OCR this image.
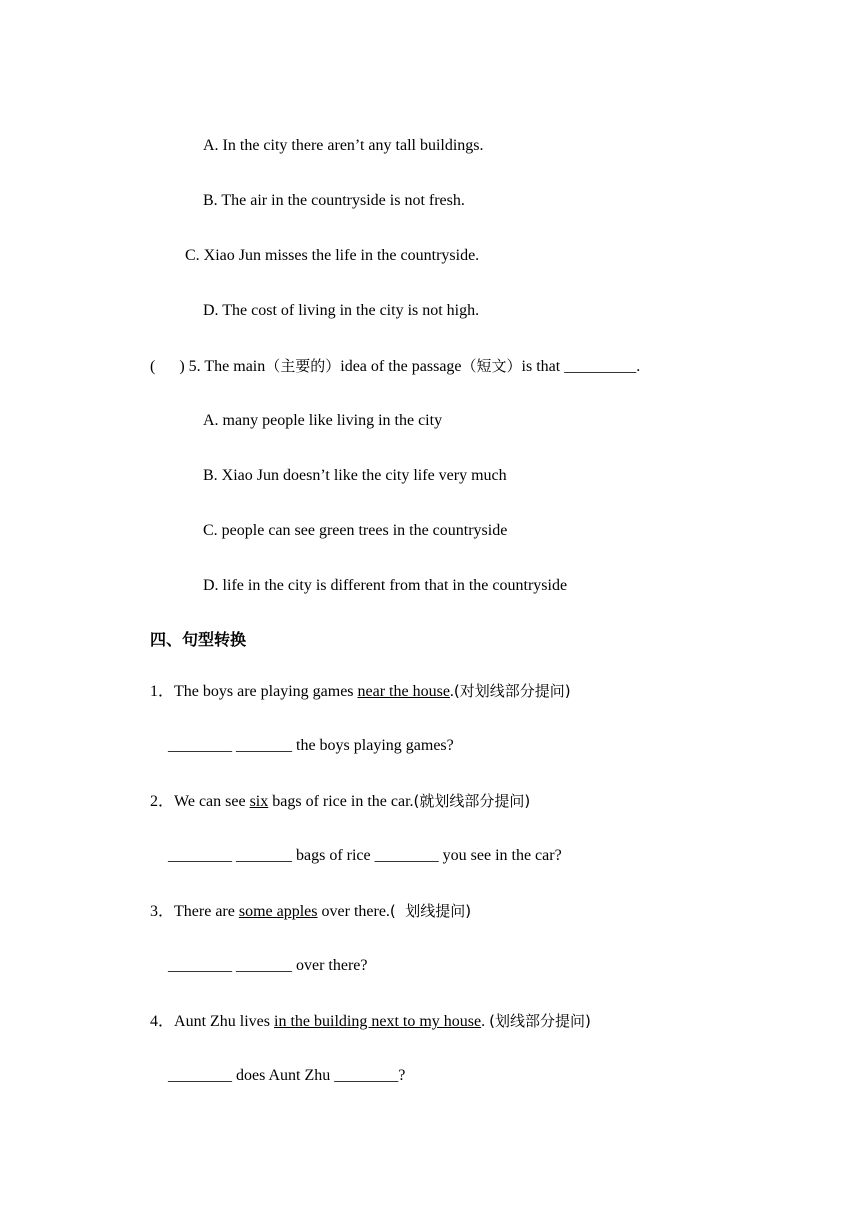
A. In the city there aren’t any tall buildings.
B. The air in the countryside is not fresh.
C. Xiao Jun misses the life in the countryside.
D. The cost of living in the city is not high.
(      ) 5. The main（主要的）idea of the passage（短文）is that _________.
A. many people like living in the city
B. Xiao Jun doesn’t like the city life very much
C. people can see green trees in the countryside
D. life in the city is different from that in the countryside
四、句型转换
1．The boys are playing games near the house.(对划线部分提问)
________ _______ the boys playing games?
2．We can see six bags of rice in the car.(就划线部分提问)
________ _______ bags of rice ________ you see in the car?
3．There are some apples over there.(  划线提问)
________ _______ over there?
4．Aunt Zhu lives in the building next to my house. (划线部分提问)
________ does Aunt Zhu ________?
